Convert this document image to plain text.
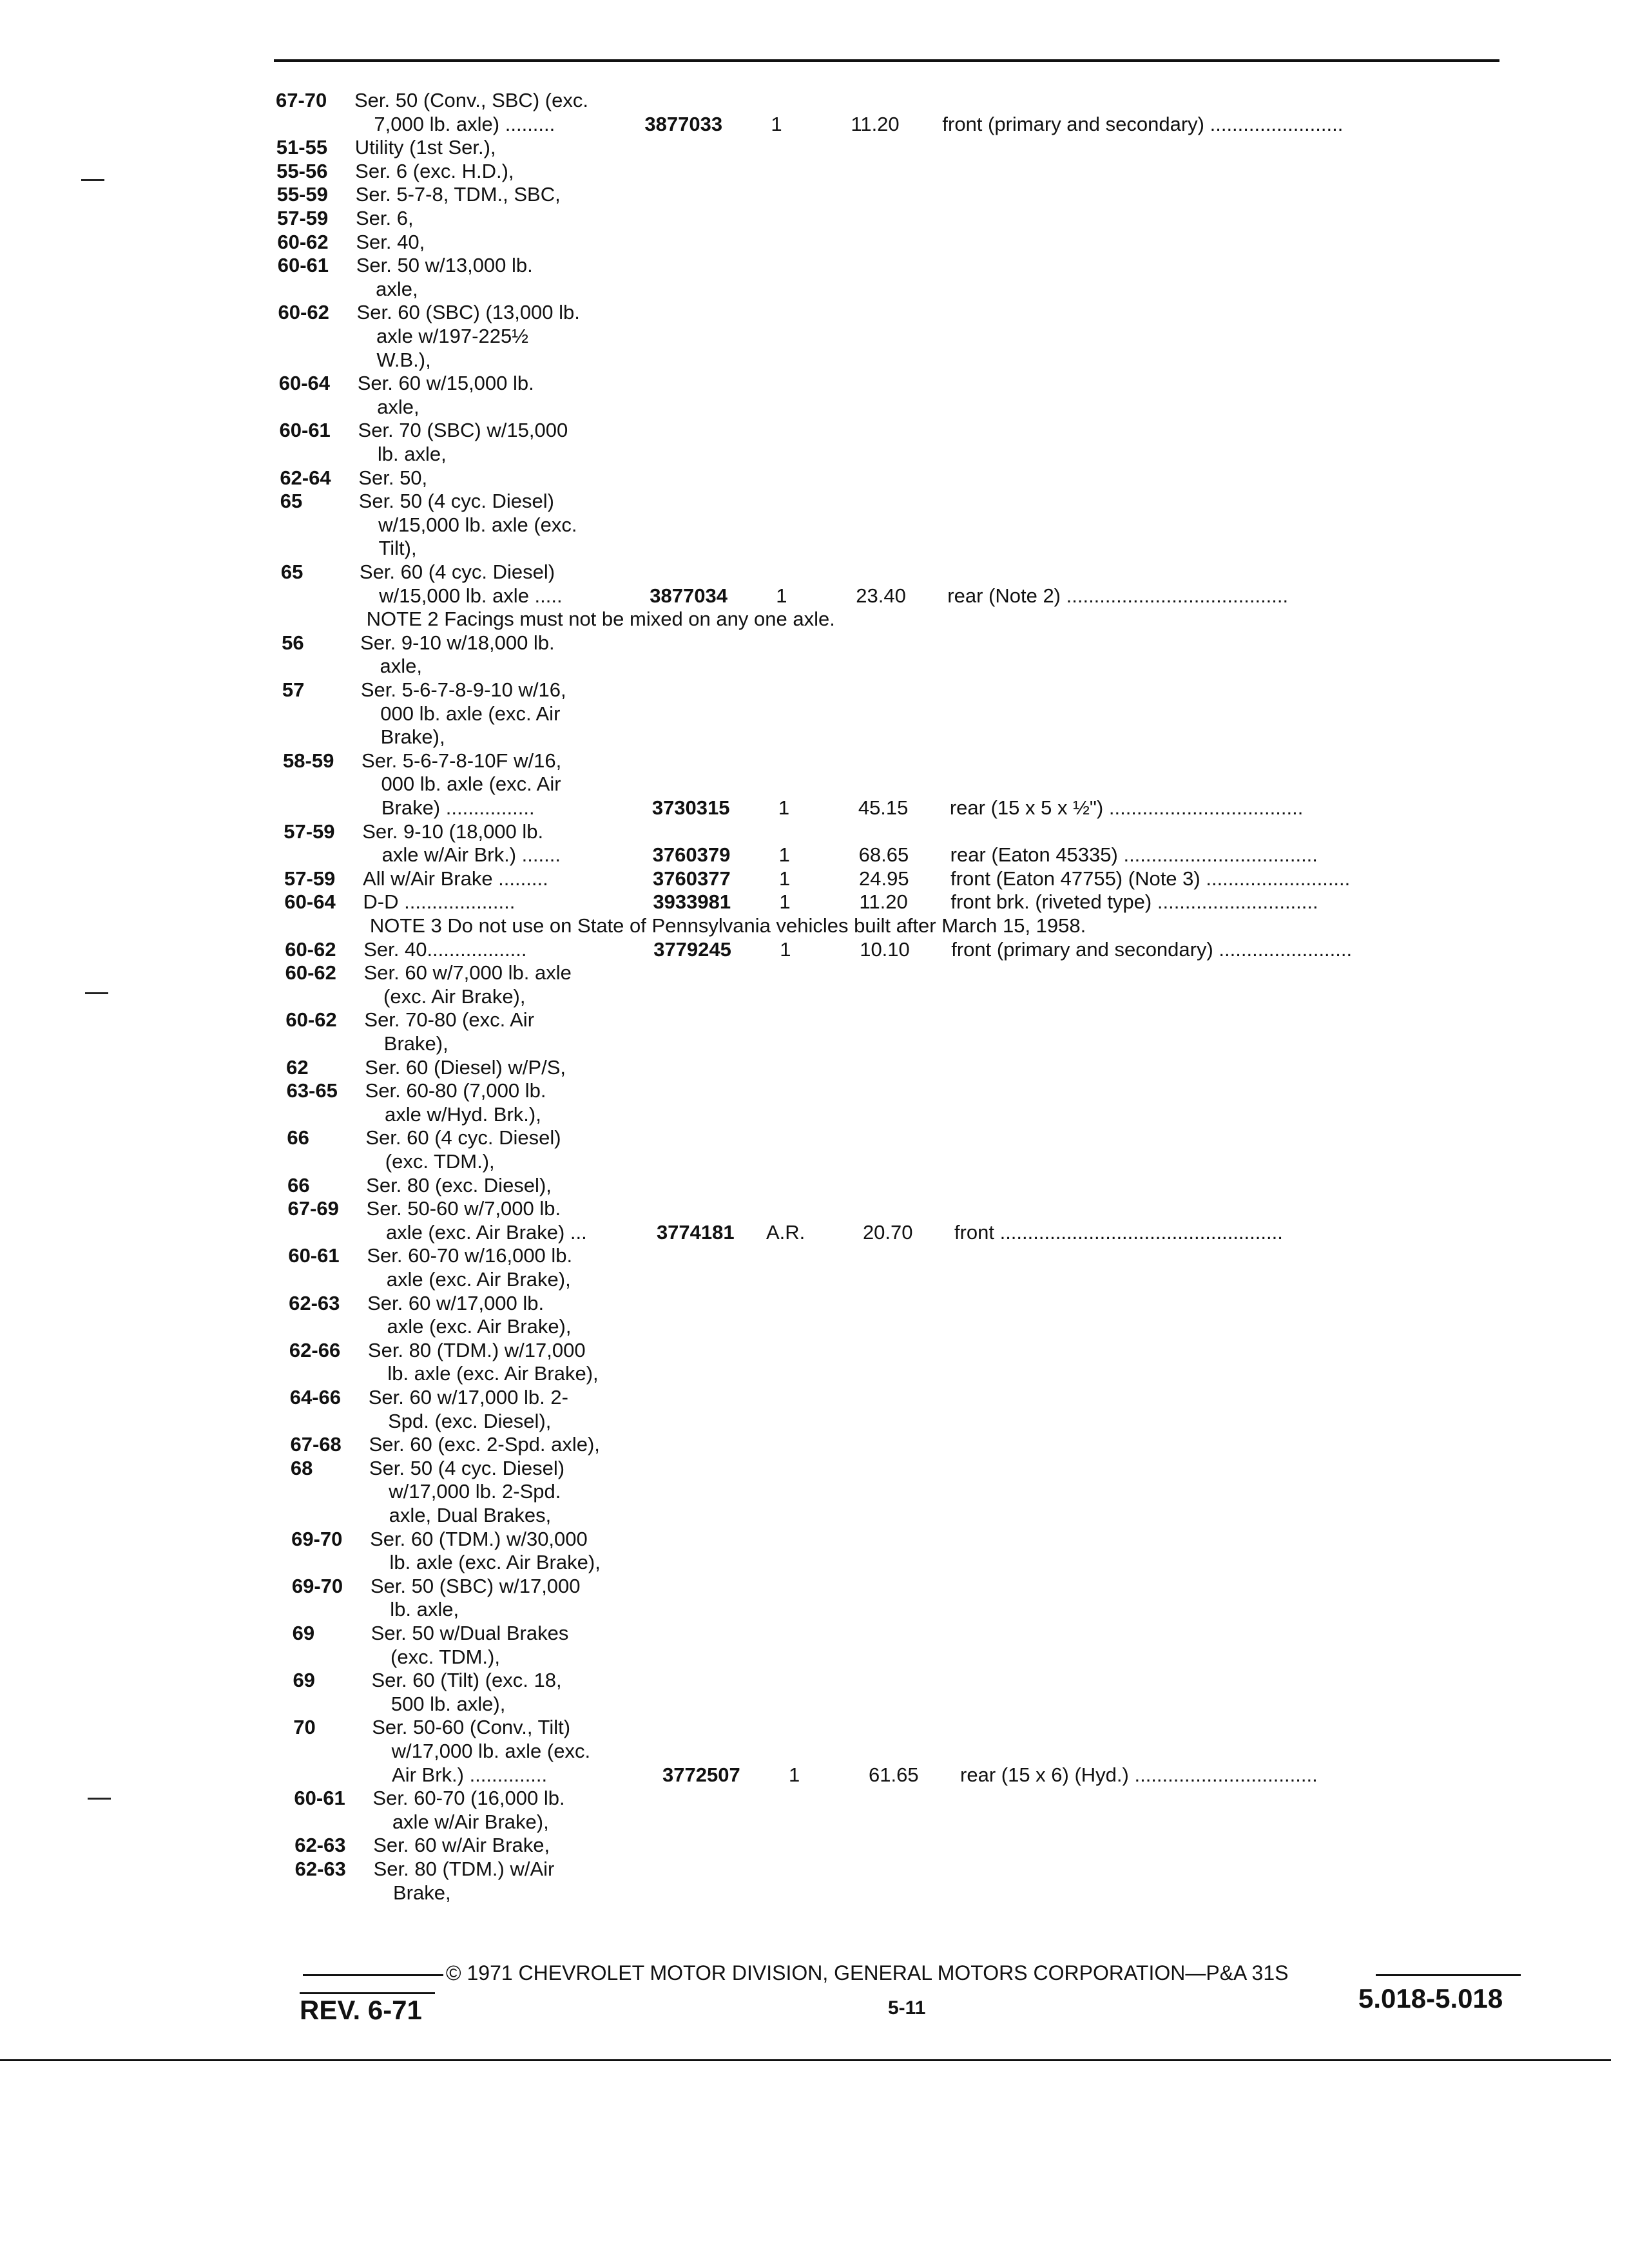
67-70 Ser. 50 (Conv., SBC) (exc.
7,000 lb. axle) .........	3877033 1	11.20 front (primary and secondary) ........................
51-55 Utility (1st Ser.),
55-56 Ser. 6 (exc. H.D.),
55-59 Ser. 5-7-8, TDM., SBC,
57-59 Ser. 6,
60-62 Ser. 40,
60-61 Ser. 50 w/13,000 lb.
axle,
60-62 Ser. 60 (SBC) (13,000 lb.
axle w/197-225½
W.B.),
60-64 Ser. 60 w/15,000 lb.
axle,
60-61 Ser. 70 (SBC) w/15,000
lb. axle,
62-64 Ser. 50,
65	Ser. 50 (4 cyc. Diesel)
w/15,000 lb. axle (exc.
Tilt),
65	Ser. 60 (4 cyc. Diesel)
w/15,000 lb. axle .....	3877034 1	23.40 rear (Note 2) ........................................
NOTE 2 Facings must not be mixed on any one axle.
56	Ser. 9-10 w/18,000 lb.
axle,
57	Ser. 5-6-7-8-9-10 w/16,
000 lb. axle (exc. Air
Brake),
58-59 Ser. 5-6-7-8-10F w/16,
000 lb. axle (exc. Air
Brake) ................	3730315 1	45.15 rear (15 x 5 x ½") ...................................
57-59 Ser. 9-10 (18,000 lb.
axle w/Air Brk.) .......	3760379 1	68.65 rear (Eaton 45335) ...................................
57-59 All w/Air Brake .........	3760377 1	24.95 front (Eaton 47755) (Note 3) ..........................
60-64 D-D ....................	3933981 1	11.20 front brk. (riveted type) .............................
NOTE 3 Do not use on State of Pennsylvania vehicles built after March 15, 1958.
60-62 Ser. 40..................	3779245 1	10.10 front (primary and secondary) ........................
60-62 Ser. 60 w/7,000 lb. axle
(exc. Air Brake),
60-62 Ser. 70-80 (exc. Air
Brake),
62	Ser. 60 (Diesel) w/P/S,
63-65 Ser. 60-80 (7,000 lb.
axle w/Hyd. Brk.),
66	Ser. 60 (4 cyc. Diesel)
(exc. TDM.),
66	Ser. 80 (exc. Diesel),
67-69 Ser. 50-60 w/7,000 lb.
axle (exc. Air Brake) ...	3774181 A.R.	20.70 front ...................................................
60-61 Ser. 60-70 w/16,000 lb.
axle (exc. Air Brake),
62-63 Ser. 60 w/17,000 lb.
axle (exc. Air Brake),
62-66 Ser. 80 (TDM.) w/17,000
lb. axle (exc. Air Brake),
64-66 Ser. 60 w/17,000 lb. 2-
Spd. (exc. Diesel),
67-68 Ser. 60 (exc. 2-Spd. axle),
68	Ser. 50 (4 cyc. Diesel)
w/17,000 lb. 2-Spd.
axle, Dual Brakes,
69-70 Ser. 60 (TDM.) w/30,000
lb. axle (exc. Air Brake),
69-70 Ser. 50 (SBC) w/17,000
lb. axle,
69	Ser. 50 w/Dual Brakes
(exc. TDM.),
69	Ser. 60 (Tilt) (exc. 18,
500 lb. axle),
70	Ser. 50-60 (Conv., Tilt)
w/17,000 lb. axle (exc.
Air Brk.) ..............	3772507 1	61.65 rear (15 x 6) (Hyd.) .................................
60-61 Ser. 60-70 (16,000 lb.
axle w/Air Brake),
62-63 Ser. 60 w/Air Brake,
62-63 Ser. 80 (TDM.) w/Air
Brake,
© 1971 CHEVROLET MOTOR DIVISION, GENERAL MOTORS CORPORATION—P&A 31S
REV. 6-71	5-11	5.018-5.018
